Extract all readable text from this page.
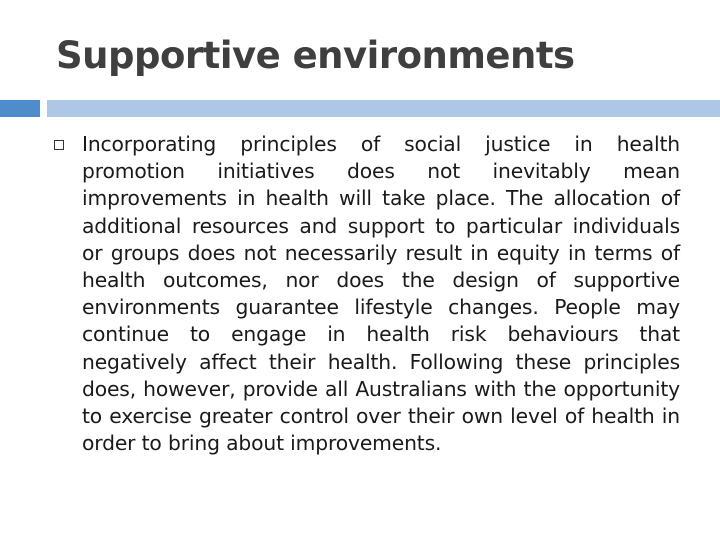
Supportive environments

Incorporating principles of social justice in health promotion initiatives does not inevitably mean improvements in health will take place. The allocation of additional resources and support to particular individuals or groups does not necessarily result in equity in terms of health outcomes, nor does the design of supportive environments guarantee lifestyle changes. People may continue to engage in health risk behaviours that negatively affect their health. Following these principles does, however, provide all Australians with the opportunity to exercise greater control over their own level of health in order to bring about improvements.
